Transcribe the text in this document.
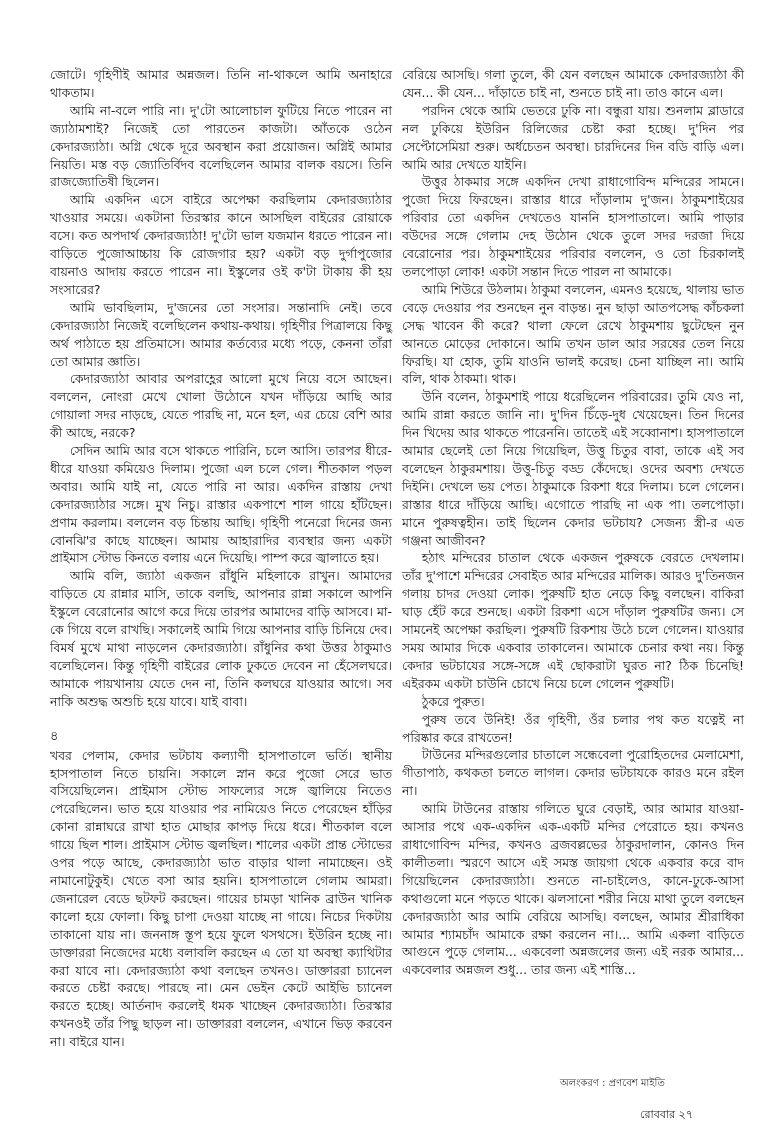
জোটে। গৃহিণীই আমার অন্নজল। তিনি না-থাকলে আমি অনাহারে থাকতাম।

আমি না-বলে পারি না। দু'টো আলোচাল ফুটিয়ে নিতে পারেন না জ্যাঠামশাই? নিজেই তো পারতেন কাজটা। আঁতকে ওঠেন কেদারজ্যাঠা। অগ্নি থেকে দূরে অবস্থান করা প্রয়োজন। অগ্নিই আমার নিয়তি। মস্ত বড় জ্যোতির্বিদব বলেছিলেন আমার বালক বয়সে। তিনি রাজজ্যোতিষী ছিলেন।

আমি একদিন এসে বাইরে অপেক্ষা করছিলাম কেদারজ্যাঠার খাওয়ার সময়ে। একটানা তিরস্কার কানে আসছিল বাইরের রোয়াকে বসে। কত অপদার্থ কেদারজ্যাঠা! দু'টো ভাল যজমান ধরতে পারেন না। বাড়িতে পুজোআচ্চায় কি রোজগার হয়? একটা বড় দুর্গাপুজোর বায়নাও আদায় করতে পারেন না। ইস্কুলের ওই ক'টা টাকায় কী হয় সংসারের?

আমি ভাবছিলাম, দু'জনের তো সংসার। সন্তানাদি নেই। তবে কেদারজ্যাঠা নিজেই বলেছিলেন কথায়-কথায়। গৃহিণীর পিত্রালয়ে কিছু অর্থ পাঠাতে হয় প্রতিমাসে। আমার কর্তব্যের মধ্যে পড়ে, কেননা তাঁরা তো আমার জ্ঞাতি।

কেদারজ্যাঠা আবার অপরাহ্ণের আলো মুখে নিয়ে বসে আছেন। বললেন, নোংরা মেখে খোলা উঠোনে যখন দাঁড়িয়ে আছি আর গোয়ালা সদর নাড়ছে, যেতে পারছি না, মনে হল, এর চেয়ে বেশি আর কী আছে, নরকে?

সেদিন আমি আর বসে থাকতে পারিনি, চলে আসি। তারপর ধীরে-ধীরে যাওয়া কমিয়েও দিলাম। পুজো এল চলে গেল। শীতকাল পড়ল অবার। আমি যাই না, যেতে পারি না আর। একদিন রাস্তায় দেখা কেদারজ্যাঠার সঙ্গে। মুখ নিচু। রাস্তার একপাশে শাল গায়ে হাঁটছেন। প্রণাম করলাম। বললেন বড় চিন্তায় আছি। গৃহিণী পনেরো দিনের জন্য বোনঝি'র কাছে যাচ্ছেন। আমায় আহারাদির ব্যবস্থার জন্য একটা প্রাইমাস স্টোভ কিনতে বলায় এনে দিয়েছি। পাম্প করে জ্বালাতে হয়।

আমি বলি, জ্যাঠা একজন রাঁধুনি মহিলাকে রাখুন। আমাদের বাড়িতে যে রান্নার মাসি, তাকে বলছি, আপনার রান্না সকালে আপনি ইস্কুলে বেরোনোর আগে করে দিয়ে তারপর আমাদের বাড়ি আসবে। মা-কে গিয়ে বলে রাখছি। সকালেই আমি গিয়ে আপনার বাড়ি চিনিয়ে দেব। বিমর্ষ মুখে মাথা নাড়লেন কেদারজ্যাঠা। রাঁধুনির কথা উত্তর ঠাকুমাও বলেছিলেন। কিন্তু গৃহিণী বাইরের লোক ঢুকতে দেবেন না হেঁসেলঘরে। আমাকে পায়খানায় যেতে দেন না, তিনি কলঘরে যাওয়ার আগে। সব নাকি অশুদ্ধ অশুচি হয়ে যাবে। যাই বাবা।

৪

খবর পেলাম, কেদার ভটচায কল্যাণী হাসপাতালে ভর্তি। স্থানীয় হাসপাতাল নিতে চায়নি। সকালে স্নান করে পুজো সেরে ভাত বসিয়েছিলেন। প্রাইমাস স্টোভ সাফল্যের সঙ্গে জ্বালিয়ে নিতেও পেরেছিলেন। ভাত হয়ে যাওয়ার পর নামিয়েও নিতে পেরেছেন হাঁড়ির কোনা রান্নাঘরে রাখা হাত মোছার কাপড় দিয়ে ধরে। শীতকাল বলে গায়ে ছিল শাল। প্রাইমাস স্টোভ জ্বলছিল। শালের একটা প্রান্ত স্টোভের ওপর পড়ে আছে, কেদারজ্যাঠা ভাত বাড়ার থালা নামাচ্ছেন। ওই নামানোটুকুই। খেতে বসা আর হয়নি। হাসপাতালে গেলাম আমরা। জেনারেল বেডে ছটফট করছেন। গায়ের চামড়া খানিক ব্রাউন খানিক কালো হয়ে ফোলা। কিছু চাপা দেওয়া যাচ্ছে না গায়ে। নিচের দিকটায় তাকানো যায় না। জননাঙ্গ স্তূপ হয়ে ফুলে থসথসে। ইউরিন হচ্ছে না। ডাক্তাররা নিজেদের মধ্যে বলাবলি করছেন এ তো যা অবস্থা ক্যাথিটার করা যাবে না। কেদারজ্যাঠা কথা বলছেন তখনও। ডাক্তাররা চ্যানেল করতে চেষ্টা করছে। পারছে না। মেন ভেইন কেটে আইভি চ্যানেল করতে হচ্ছে। আর্তনাদ করলেই ধমক খাচ্ছেন কেদারজ্যাঠা। তিরস্কার কখনওই তাঁর পিছু ছাড়ল না। ডাক্তাররা বললেন, এখানে ভিড় করবেন না। বাইরে যান।

বেরিয়ে আসছি। গলা তুলে, কী যেন বলছেন আমাকে কেদারজ্যাঠা কী যেন... কী যেন... দাঁড়াতে চাই না, শুনতে চাই না। তাও কানে এল।

পরদিন থেকে আমি ভেতরে ঢুকি না। বন্ধুরা যায়। শুনলাম ব্লাডারে নল ঢুকিয়ে ইউরিন রিলিজের চেষ্টা করা হচ্ছে। দু'দিন পর সেপ্টোসেমিয়া শুরু। অর্ধচেতন অবস্থা। চারদিনের দিন বডি বাড়ি এল। আমি আর দেখতে যাইনি।

উত্তুর ঠাকমার সঙ্গে একদিন দেখা রাধাগোবিন্দ মন্দিরের সামনে। পুজো দিয়ে ফিরছেন। রাস্তার ধারে দাঁড়ালাম দু'জন। ঠাকুমশাইয়ের পরিবার তো একদিন দেখতেও যাননি হাসপাতালে। আমি পাড়ার বউদের সঙ্গে গেলাম দেহ উঠোন থেকে তুলে সদর দরজা দিয়ে বেরোনোর পর। ঠাকুমশাইয়ের পরিবার বললেন, ও তো চিরকালই তলপোড়া লোক! একটা সন্তান দিতে পারল না আমাকে।

আমি শিউরে উঠলাম। ঠাকুমা বললেন, এমনও হয়েছে, থালায় ভাত বেড়ে দেওয়ার পর শুনছেন নুন বাড়ন্ত। নুন ছাড়া আতপসেদ্ধ কাঁচকলা সেদ্ধ খাবেন কী করে? থালা ফেলে রেখে ঠাকুমশায় ছুটেছেন নুন আনতে মোড়ের দোকানে। আমি তখন ডাল আর সরষের তেল নিয়ে ফিরছি। যা হোক, তুমি যাওনি ভালই করেছ। চেনা যাচ্ছিল না। আমি বলি, থাক ঠাকমা। থাক।

উনি বলেন, ঠাকুমশাই পায়ে ধরেছিলেন পরিবারের। তুমি যেও না, আমি রান্না করতে জানি না। দু'দিন চিঁড়ে-দুধ খেয়েছেন। তিন দিনের দিন খিদেয় আর থাকতে পারেননি। তাতেই এই সব্বোনাশ। হাসপাতালে আমার ছেলেই তো নিয়ে গিয়েছিল, উত্তু চিতুর বাবা, তাকে এই সব বলেছেন ঠাকুরমশায়। উত্তু-চিতু বড্ড কেঁদেছে। ওদের অবশ্য দেখতে দিইনি। দেখলে ভয় পেত। ঠাকুমাকে রিকশা ধরে দিলাম। চলে গেলেন। রাস্তার ধারে দাঁড়িয়ে আছি। এগোতে পারছি না এক পা। তলপোড়া। মানে পুরুষত্বহীন। তাই ছিলেন কেদার ভটচায? সেজন্য স্ত্রী-র এত গঞ্জনা আজীবন?

হঠাৎ মন্দিরের চাতাল থেকে একজন পুরুষকে বেরতে দেখলাম। তাঁর দু'পাশে মন্দিরের সেবাইত আর মন্দিরের মালিক। আরও দু'তিনজন গলায় চাদর দেওয়া লোক। পুরুষটি হাত নেড়ে কিছু বলছেন। বাকিরা ঘাড় হেঁট করে শুনছে। একটা রিকশা এসে দাঁড়াল পুরুষটির জন্য। সে সামনেই অপেক্ষা করছিল। পুরুষটি রিকশায় উঠে চলে গেলেন। যাওয়ার সময় আমার দিকে একবার তাকালেন। আমাকে চেনার কথা নয়। কিন্তু কেদার ভটচাযের সঙ্গে-সঙ্গে এই ছোকরাটা ঘুরত না? ঠিক চিনেছি! এইরকম একটা চাউনি চোখে নিয়ে চলে গেলেন পুরুষটি।

ঠুকরে পুরুত।

পুরুষ তবে উনিই! ওঁর গৃহিণী, ওঁর চলার পথ কত যত্নেই না পরিষ্কার করে রাখতেন!

টাউনের মন্দিরগুলোর চাতালে সন্ধেবেলা পুরোহিতদের মেলামেশা, গীতাপাঠ, কথকতা চলতে লাগল। কেদার ভটচাযকে কারও মনে রইল না।

আমি টাউনের রাস্তায় গলিতে ঘুরে বেড়াই, আর আমার যাওয়া-আসার পথে এক-একদিন এক-একটি মন্দির পেরোতে হয়। কখনও রাধাগোবিন্দ মন্দির, কখনও ব্রজবল্লভের ঠাকুরদালান, কোনও দিন কালীতলা। স্মরণে আসে এই সমস্ত জায়গা থেকে একবার করে বাদ গিয়েছিলেন কেদারজ্যাঠা। শুনতে না-চাইলেও, কানে-ঢুকে-আসা কথাগুলো মনে পড়তে থাকে। ঝলসানো শরীর নিয়ে মাথা তুলে বলছেন কেদারজ্যাঠা আর আমি বেরিয়ে আসছি। বলছেন, আমার শ্রীরাধিকা আমার শ্যামচাঁদ আমাকে রক্ষা করলেন না।... আমি একলা বাড়িতে আগুনে পুড়ে গেলাম... একবেলা অন্নজলের জন্য এই নরক আমার... একবেলার অন্নজল শুধু... তার জন্য এই শাস্তি...

অলংকরণ : প্রণবেশ মাইতি
রোববার ২৭
